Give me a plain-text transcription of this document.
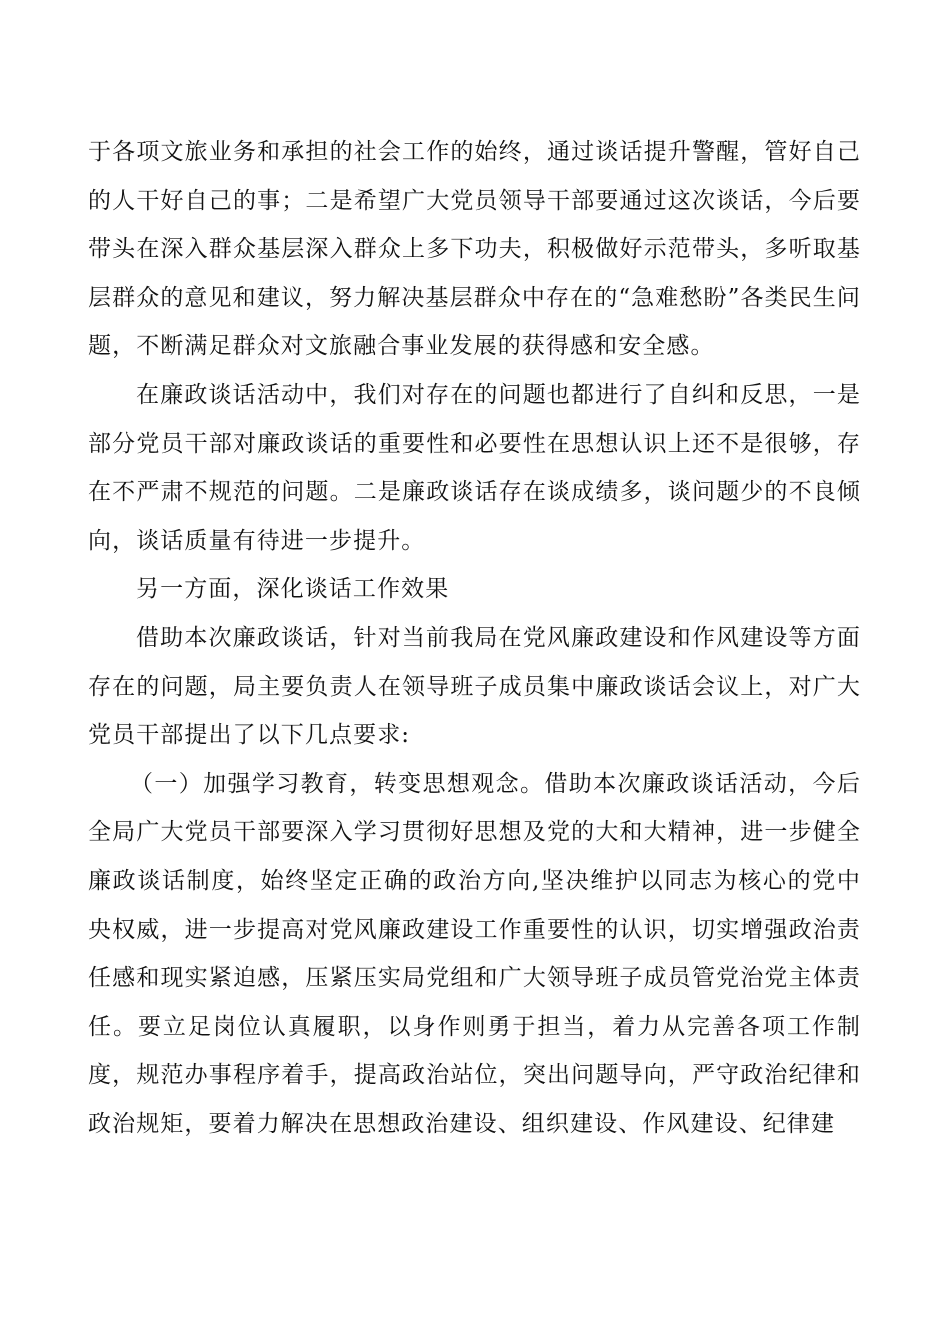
于各项文旅业务和承担的社会工作的始终，通过谈话提升警醒，管好自己的人干好自己的事；二是希望广大党员领导干部要通过这次谈话，今后要带头在深入群众基层深入群众上多下功夫，积极做好示范带头，多听取基层群众的意见和建议，努力解决基层群众中存在的“急难愁盼”各类民生问题，不断满足群众对文旅融合事业发展的获得感和安全感。

在廉政谈话活动中，我们对存在的问题也都进行了自纠和反思，一是部分党员干部对廉政谈话的重要性和必要性在思想认识上还不是很够，存在不严肃不规范的问题。二是廉政谈话存在谈成绩多，谈问题少的不良倾向，谈话质量有待进一步提升。

另一方面，深化谈话工作效果

借助本次廉政谈话，针对当前我局在党风廉政建设和作风建设等方面存在的问题，局主要负责人在领导班子成员集中廉政谈话会议上，对广大党员干部提出了以下几点要求:

（一）加强学习教育，转变思想观念。借助本次廉政谈话活动，今后全局广大党员干部要深入学习贯彻好思想及党的大和大精神，进一步健全廉政谈话制度，始终坚定正确的政治方向,坚决维护以同志为核心的党中央权威，进一步提高对党风廉政建设工作重要性的认识，切实增强政治责任感和现实紧迫感，压紧压实局党组和广大领导班子成员管党治党主体责任。要立足岗位认真履职，以身作则勇于担当，着力从完善各项工作制度，规范办事程序着手，提高政治站位，突出问题导向，严守政治纪律和政治规矩，要着力解决在思想政治建设、组织建设、作风建设、纪律建
